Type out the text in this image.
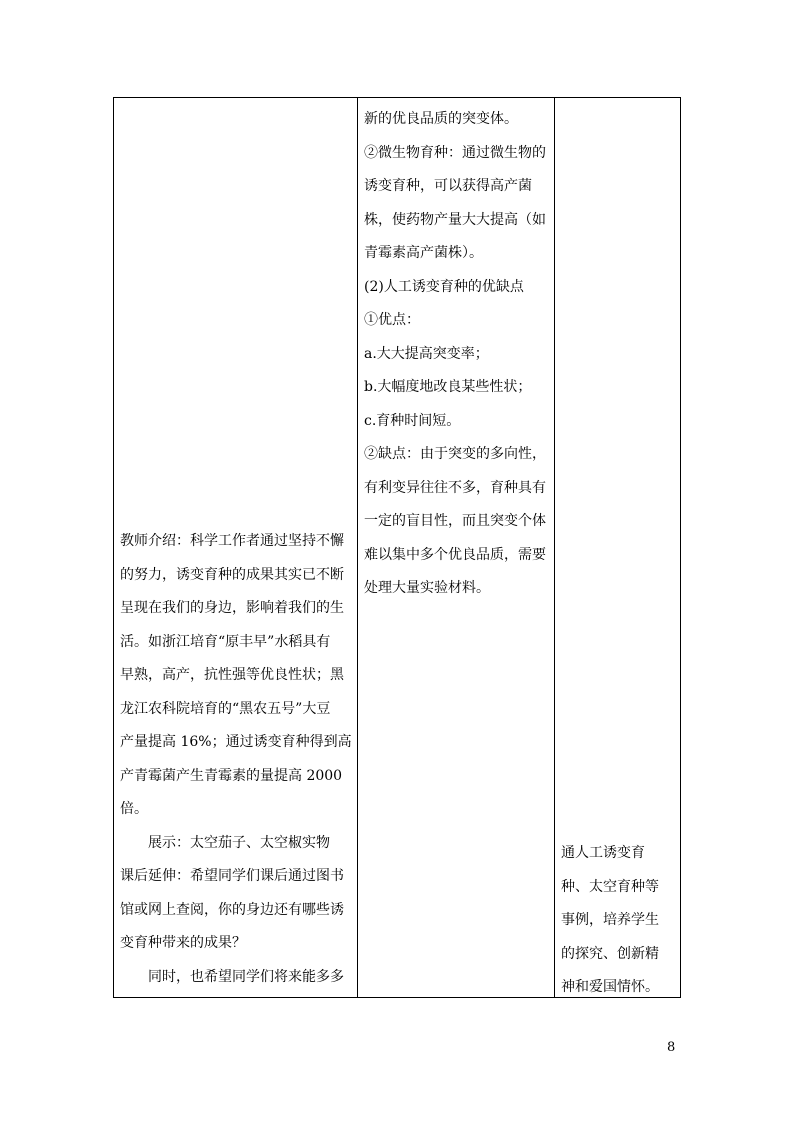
教师介绍：科学工作者通过坚持不懈
的努力，诱变育种的成果其实已不断
呈现在我们的身边，影响着我们的生
活。如浙江培育“原丰早”水稻具有
早熟，高产，抗性强等优良性状；黑
龙江农科院培育的“黑农五号”大豆
产量提高 16%；通过诱变育种得到高
产青霉菌产生青霉素的量提高 2000
倍。
展示：太空茄子、太空椒实物
课后延伸：希望同学们课后通过图书
馆或网上查阅，你的身边还有哪些诱
变育种带来的成果？
同时，也希望同学们将来能多多
新的优良品质的突变体。
②微生物育种：通过微生物的
诱变育种，可以获得高产菌
株，使药物产量大大提高（如
青霉素高产菌株）。
(2)人工诱变育种的优缺点
①优点：
a.大大提高突变率；
b.大幅度地改良某些性状；
c.育种时间短。
②缺点：由于突变的多向性，
有利变异往往不多，育种具有
一定的盲目性，而且突变个体
难以集中多个优良品质，需要
处理大量实验材料。
通人工诱变育
种、太空育种等
事例，培养学生
的探究、创新精
神和爱国情怀。
8
